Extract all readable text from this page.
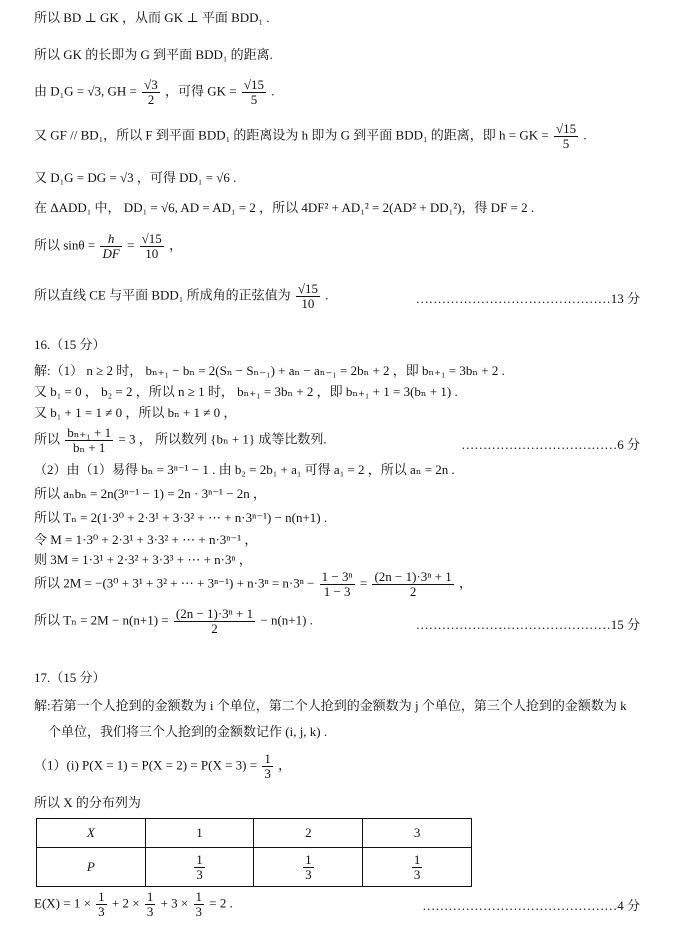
所以 BD ⊥ GK ，从而 GK ⊥ 平面 BDD₁ .
所以 GK 的长即为 G 到平面 BDD₁ 的距离.
由 D₁G = √3, GH = $\frac{√3}{2}$ ，可得 GK = $\frac{√15}{5}$ .
又 GF // BD₁，所以 F 到平面 BDD₁ 的距离设为 h 即为 G 到平面 BDD₁ 的距离，即 h = GK = $\frac{√15}{5}$ .
又 D₁G = DG = √3 ，可得 DD₁ = √6 .
在 ΔADD₁ 中， DD₁ = √6, AD = AD₁ = 2 ，所以 4DF² + AD₁² = 2(AD² + DD₁²)，得 DF = 2 .
所以 $\sin\theta = \frac{h}{DF} = \frac{√15}{10}$ ，
所以直线 CE 与平面 BDD₁ 所成角的正弦值为 $\frac{√15}{10}$ .	………………………………………13 分
16.（15 分）
解:（1） n ≥ 2 时， bₙ₊₁ − bₙ = 2(Sₙ − Sₙ₋₁) + aₙ − aₙ₋₁ = 2bₙ + 2 ，即 bₙ₊₁ = 3bₙ + 2 .
又 b₁ = 0 ， b₂ = 2 ，所以 n ≥ 1 时， bₙ₊₁ = 3bₙ + 2 ，即 bₙ₊₁ + 1 = 3(bₙ + 1) .
又 b₁ + 1 = 1 ≠ 0 ，所以 bₙ + 1 ≠ 0 ，
所以 $\frac{\text{bₙ₊₁ + 1}}{\text{bₙ + 1}} = 3$ ， 所以数列 {bₙ + 1} 成等比数列.	………………………………6 分
（2）由（1）易得 bₙ = 3ⁿ⁻¹ − 1 . 由 b₂ = 2b₁ + a₁ 可得 a₁ = 2 ，所以 aₙ = 2n .
所以 aₙbₙ = 2n(3ⁿ⁻¹ − 1) = 2n · 3ⁿ⁻¹ − 2n ，
所以 Tₙ = 2(1·3⁰ + 2·3¹ + 3·3² + ⋯ + n·3ⁿ⁻¹) − n(n+1) .
令 M = 1·3⁰ + 2·3¹ + 3·3² + ⋯ + n·3ⁿ⁻¹ ，
则 3M = 1·3¹ + 2·3² + 3·3³ + ⋯ + n·3ⁿ ，
所以 2M = −(3⁰ + 3¹ + 3² + ⋯ + $3^{n-1}) + n\cdot 3^n = n\cdot 3^n - \frac{\text{1 − 3ⁿ}}{1 - 3} = \frac{\text{(2n − 1)·3ⁿ + 1}}{2}$ ，
所以 $T_n = 2M - n(n+1) = \frac{\text{(2n − 1)·3ⁿ + 1}}{2} - n(n+1)$ .	………………………………………15 分
17.（15 分）
解:若第一个人抢到的金额数为 i 个单位，第二个人抢到的金额数为 j 个单位，第三个人抢到的金额数为 k
个单位，我们将三个人抢到的金额数记作 (i, j, k) .
（1）(i) $P(X = 1) = P(X = 2) = P(X = 3) = \frac{1}{3}$ ，
所以 X 的分布列为
X	1	2	3
P	$\frac{1}{3}$	$\frac{1}{3}$	$\frac{1}{3}$
$E(X) = 1 \times \frac{1}{3} + 2 \times \frac{1}{3} + 3 \times \frac{1}{3} = 2$ .	………………………………………4 分
